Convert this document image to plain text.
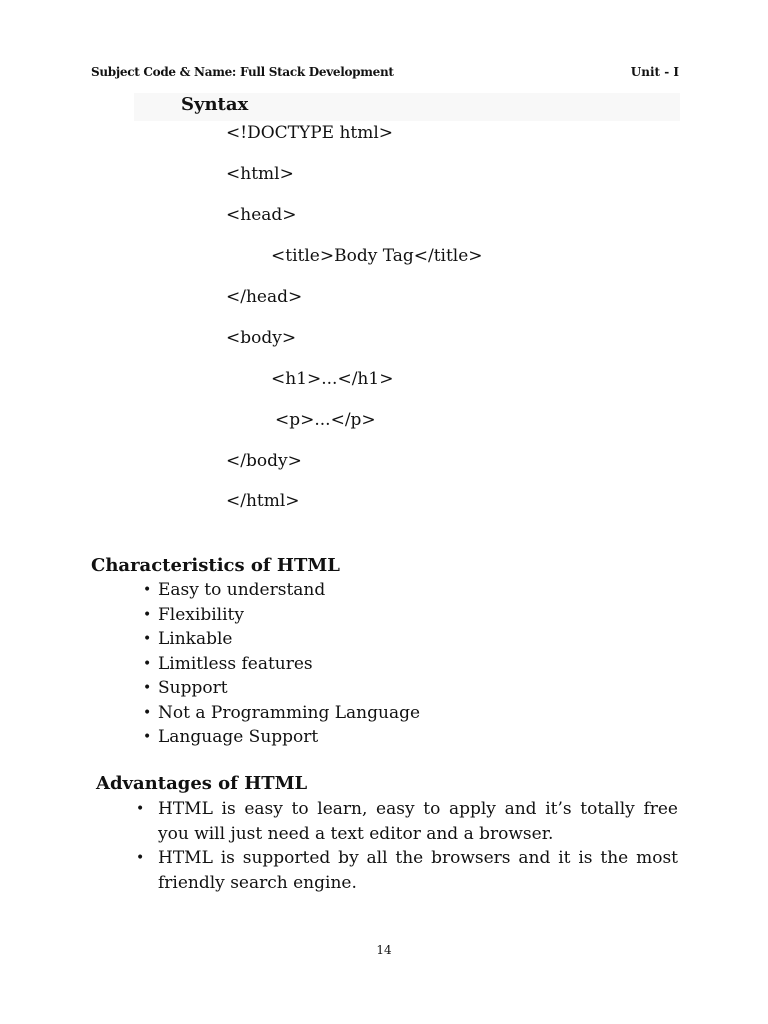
Subject Code & Name: Full Stack Development	Unit - I
Syntax
<!DOCTYPE html>
<html>
<head>
<title>Body Tag</title>
</head>
<body>
<h1>...</h1>
<p>...</p>
</body>
</html>
Characteristics of HTML
• Easy to understand
• Flexibility
• Linkable
• Limitless features
• Support
• Not a Programming Language
• Language Support
Advantages of HTML
• HTML is easy to learn, easy to apply and it’s totally free you will just need a text editor and a browser.
• HTML is supported by all the browsers and it is the most friendly search engine.
14
